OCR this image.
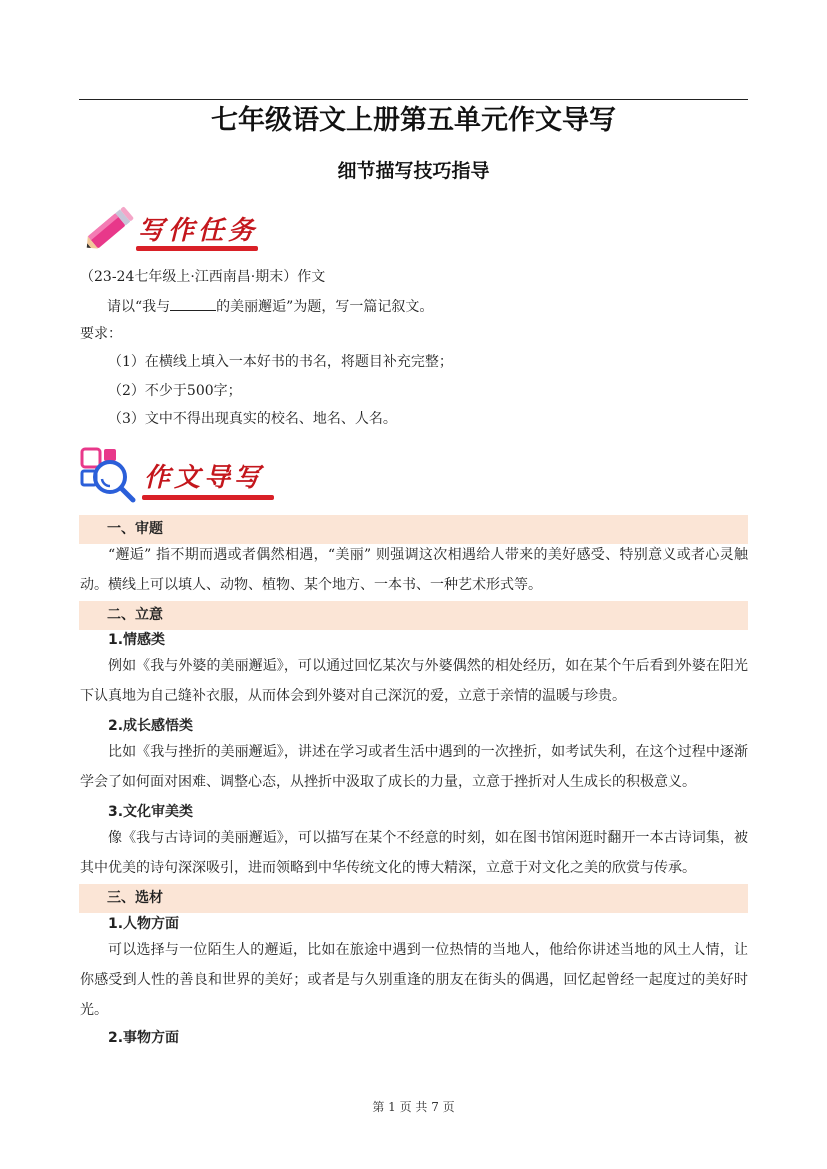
七年级语文上册第五单元作文导写
细节描写技巧指导
写作任务
（23-24七年级上·江西南昌·期末）作文
请以“我与	的美丽邂逅”为题，写一篇记叙文。
要求：
（1）在横线上填入一本好书的书名，将题目补充完整；
（2）不少于500字；
（3）文中不得出现真实的校名、地名、人名。
作文导写
一、审题
“邂逅” 指不期而遇或者偶然相遇，“美丽” 则强调这次相遇给人带来的美好感受、特别意义或者心灵触动。横线上可以填人、动物、植物、某个地方、一本书、一种艺术形式等。
二、立意
1.情感类
例如《我与外婆的美丽邂逅》，可以通过回忆某次与外婆偶然的相处经历，如在某个午后看到外婆在阳光下认真地为自己缝补衣服，从而体会到外婆对自己深沉的爱，立意于亲情的温暖与珍贵。
2.成长感悟类
比如《我与挫折的美丽邂逅》，讲述在学习或者生活中遇到的一次挫折，如考试失利，在这个过程中逐渐学会了如何面对困难、调整心态，从挫折中汲取了成长的力量，立意于挫折对人生成长的积极意义。
3.文化审美类
像《我与古诗词的美丽邂逅》，可以描写在某个不经意的时刻，如在图书馆闲逛时翻开一本古诗词集，被其中优美的诗句深深吸引，进而领略到中华传统文化的博大精深，立意于对文化之美的欣赏与传承。
三、选材
1.人物方面
可以选择与一位陌生人的邂逅，比如在旅途中遇到一位热情的当地人，他给你讲述当地的风土人情，让你感受到人性的善良和世界的美好；或者是与久别重逢的朋友在街头的偶遇，回忆起曾经一起度过的美好时光。
2.事物方面
第 1 页 共 7 页
